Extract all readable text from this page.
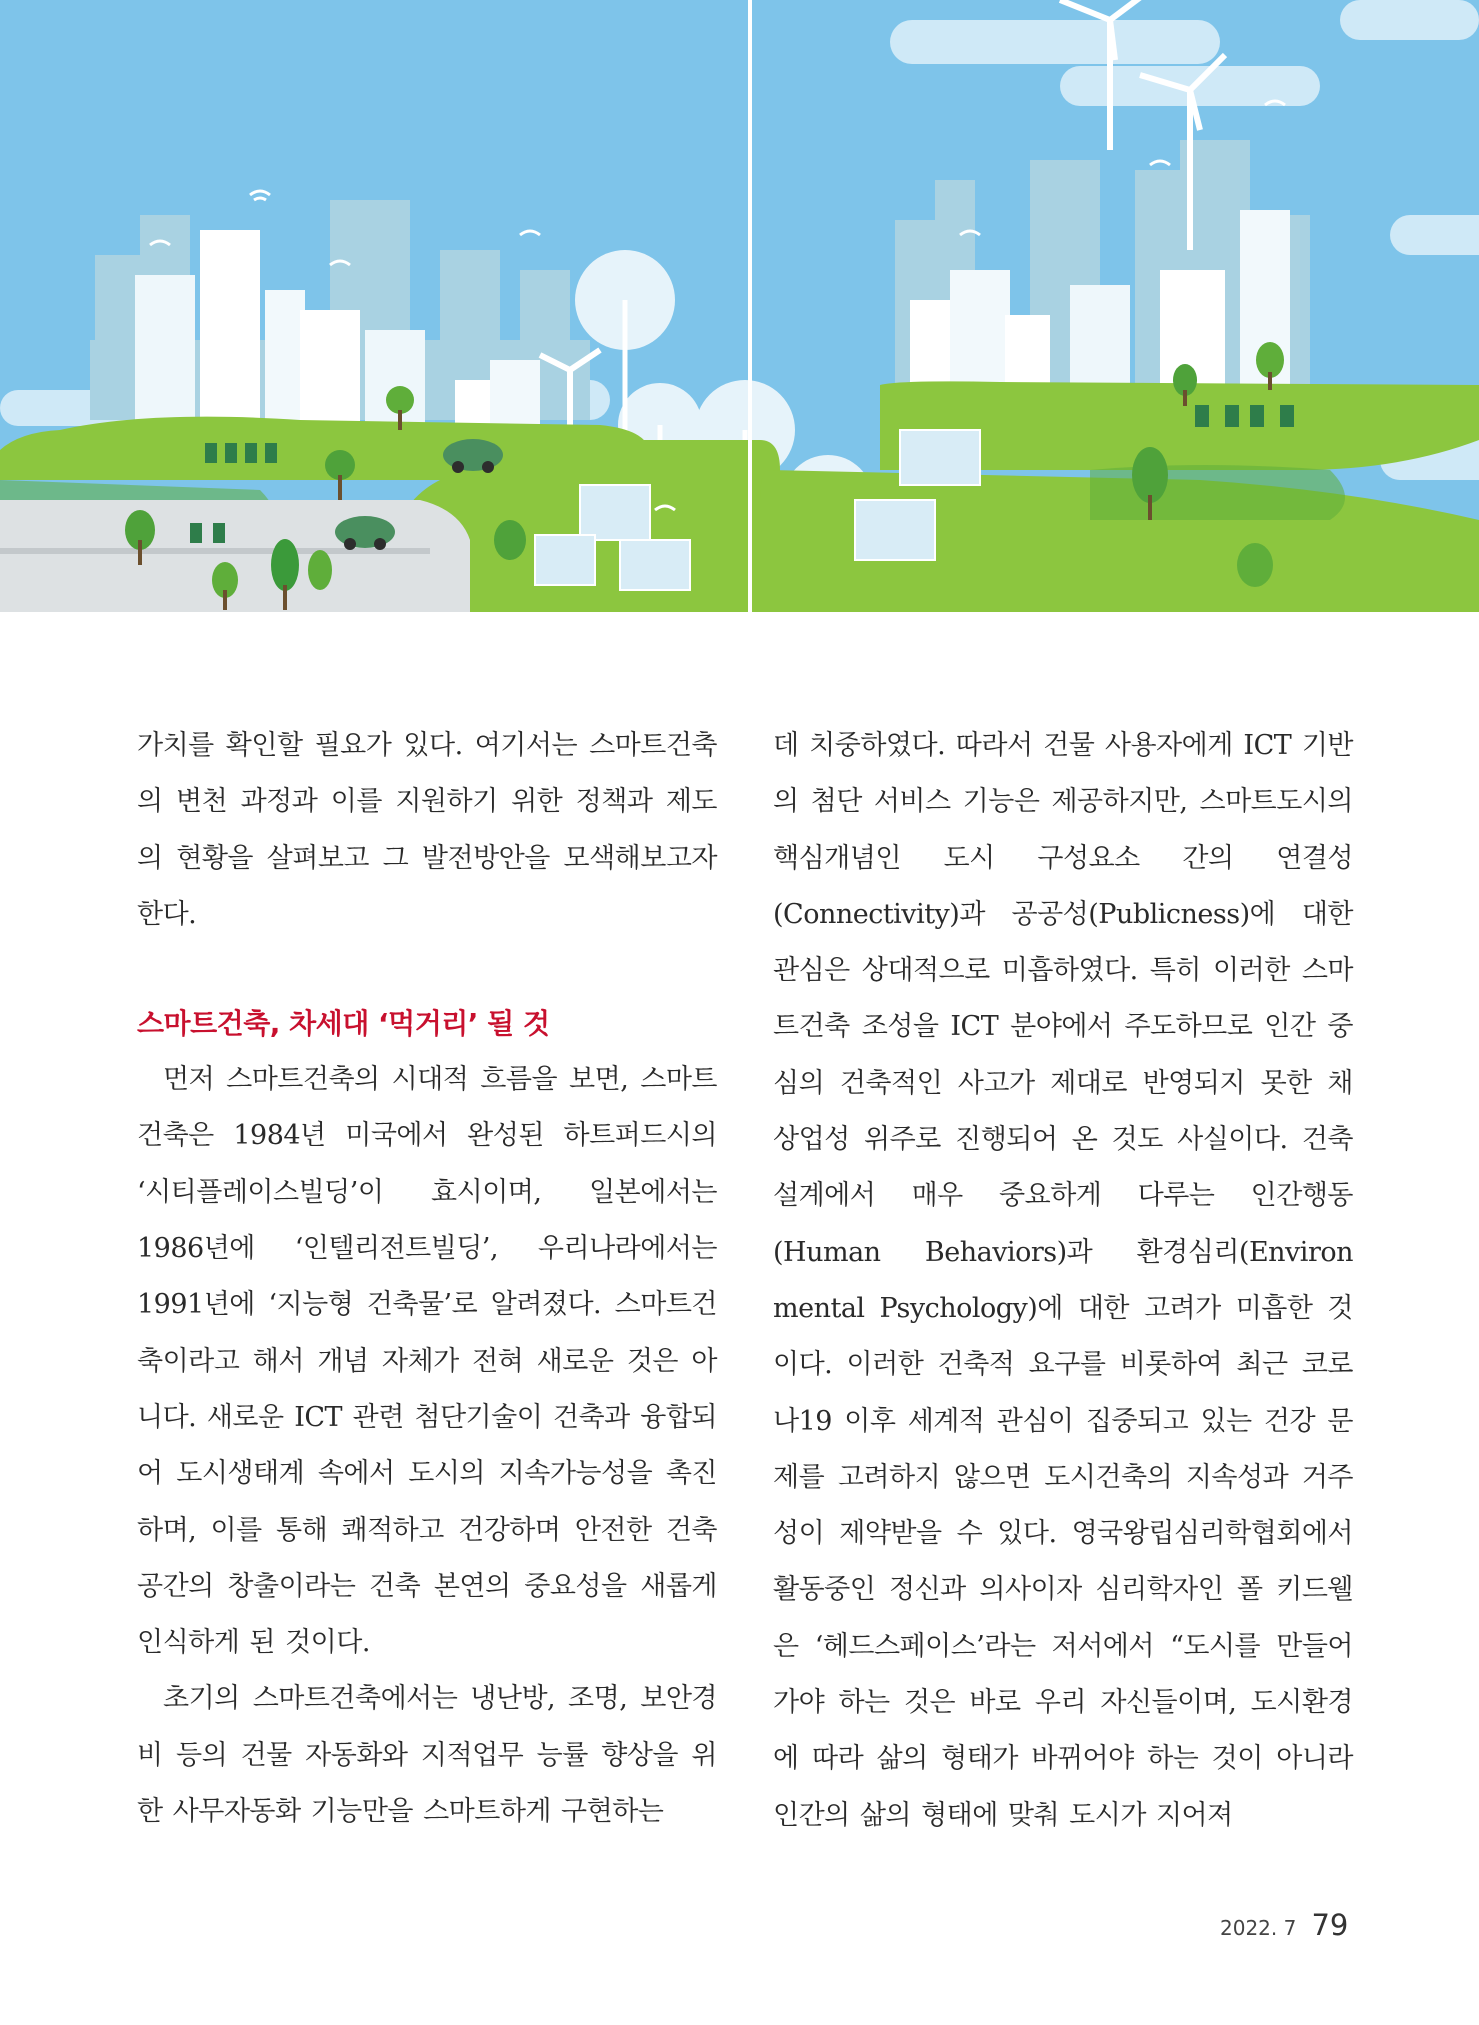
가치를 확인할 필요가 있다. 여기서는 스마트건축의 변천 과정과 이를 지원하기 위한 정책과 제도의 현황을 살펴보고 그 발전방안을 모색해보고자 한다.

스마트건축, 차세대 ‘먹거리’ 될 것

먼저 스마트건축의 시대적 흐름을 보면, 스마트건축은 1984년 미국에서 완성된 하트퍼드시의 ‘시티플레이스빌딩’이 효시이며, 일본에서는 1986년에 ‘인텔리전트빌딩’, 우리나라에서는 1991년에 ‘지능형 건축물’로 알려졌다. 스마트건축이라고 해서 개념 자체가 전혀 새로운 것은 아니다. 새로운 ICT 관련 첨단기술이 건축과 융합되어 도시생태계 속에서 도시의 지속가능성을 촉진하며, 이를 통해 쾌적하고 건강하며 안전한 건축공간의 창출이라는 건축 본연의 중요성을 새롭게 인식하게 된 것이다.

초기의 스마트건축에서는 냉난방, 조명, 보안경비 등의 건물 자동화와 지적업무 능률 향상을 위한 사무자동화 기능만을 스마트하게 구현하는

데 치중하였다. 따라서 건물 사용자에게 ICT 기반의 첨단 서비스 기능은 제공하지만, 스마트도시의 핵심개념인 도시 구성요소 간의 연결성(Connectivity)과 공공성(Publicness)에 대한 관심은 상대적으로 미흡하였다. 특히 이러한 스마트건축 조성을 ICT 분야에서 주도하므로 인간 중심의 건축적인 사고가 제대로 반영되지 못한 채 상업성 위주로 진행되어 온 것도 사실이다. 건축 설계에서 매우 중요하게 다루는 인간행동(Human Behaviors)과 환경심리(Environ mental Psychology)에 대한 고려가 미흡한 것이다. 이러한 건축적 요구를 비롯하여 최근 코로나19 이후 세계적 관심이 집중되고 있는 건강 문제를 고려하지 않으면 도시건축의 지속성과 거주성이 제약받을 수 있다. 영국왕립심리학협회에서 활동중인 정신과 의사이자 심리학자인 폴 키드웰은 ‘헤드스페이스’라는 저서에서 “도시를 만들어가야 하는 것은 바로 우리 자신들이며, 도시환경에 따라 삶의 형태가 바뀌어야 하는 것이 아니라 인간의 삶의 형태에 맞춰 도시가 지어져

2022. 7 79
